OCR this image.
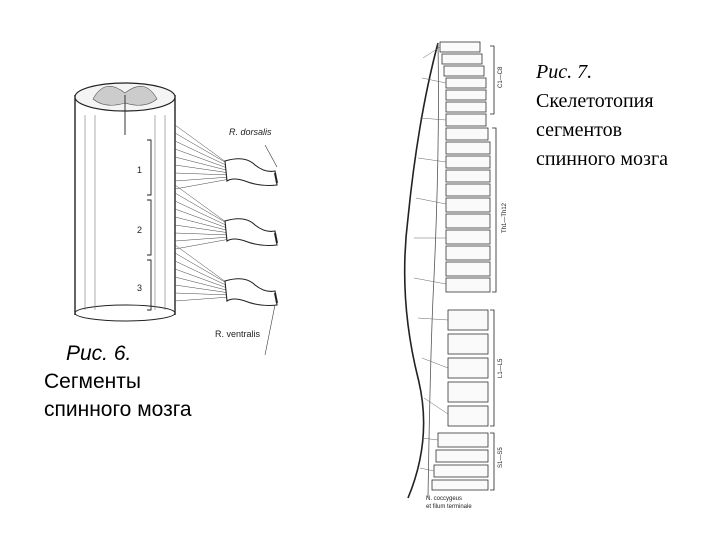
1
2
3
R. dorsalis
R. ventralis
Рис. 6.
Сегменты
спинного мозга
C1—C8
Th1—Th12
L1—L5
S1—S5
N. coccygeus
et filum terminale
Рис. 7.
Скелетотопия
сегментов
спинного мозга
